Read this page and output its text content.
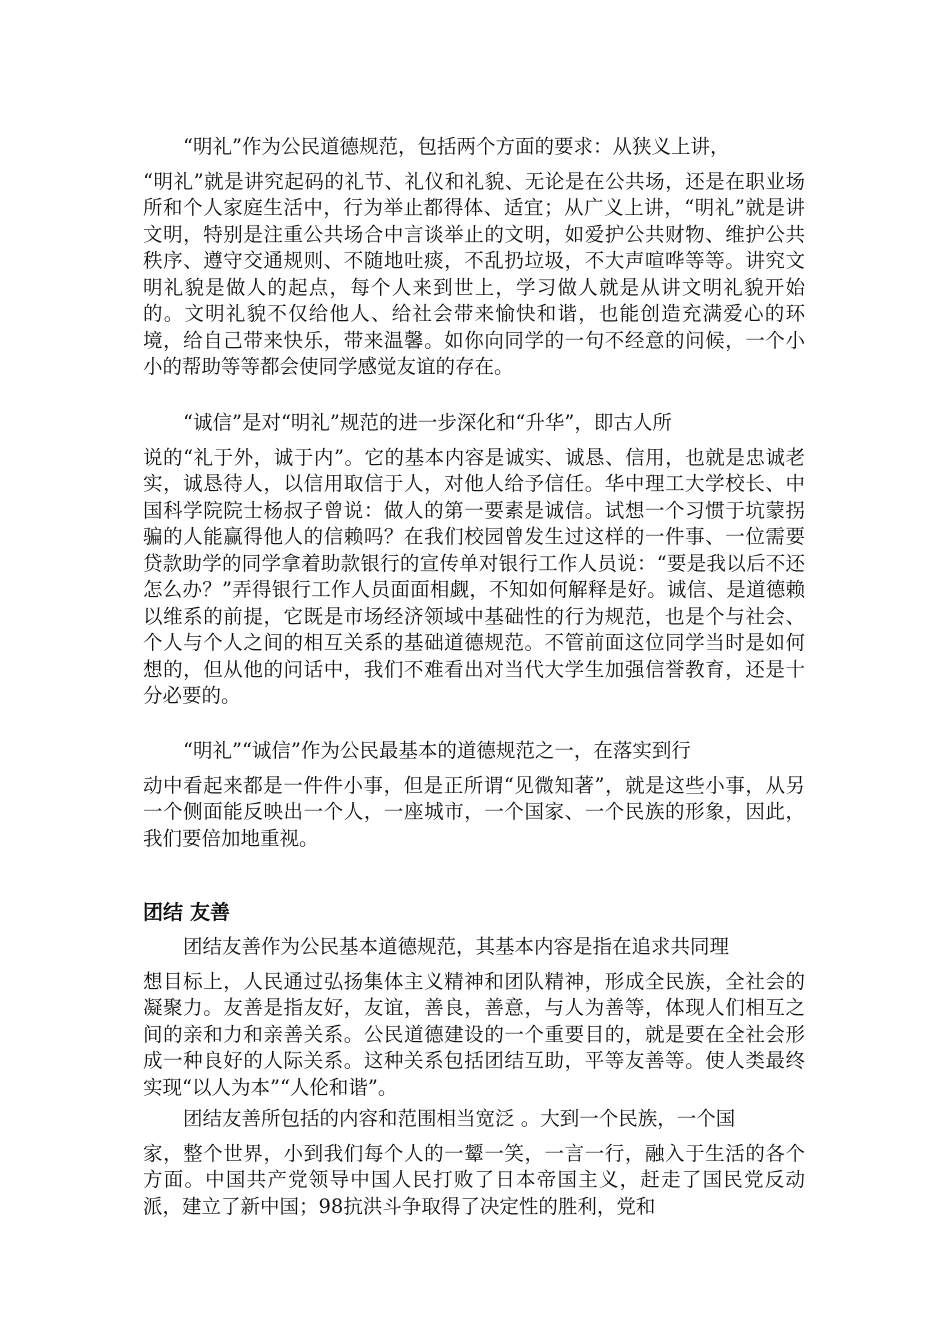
“明礼”作为公民道德规范，包括两个方面的要求：从狭义上讲，
“明礼”就是讲究起码的礼节、礼仪和礼貌、无论是在公共场，还是在职业场所和个人家庭生活中，行为举止都得体、适宜；从广义上讲，“明礼”就是讲文明，特别是注重公共场合中言谈举止的文明，如爱护公共财物、维护公共秩序、遵守交通规则、不随地吐痰，不乱扔垃圾，不大声喧哗等等。讲究文明礼貌是做人的起点，每个人来到世上，学习做人就是从讲文明礼貌开始的。文明礼貌不仅给他人、给社会带来愉快和谐，也能创造充满爱心的环境，给自己带来快乐，带来温馨。如你向同学的一句不经意的问候，一个小小的帮助等等都会使同学感觉友谊的存在。

“诚信”是对“明礼”规范的进一步深化和“升华”，即古人所
说的“礼于外，诚于内”。它的基本内容是诚实、诚恳、信用，也就是忠诚老实，诚恳待人，以信用取信于人，对他人给予信任。华中理工大学校长、中国科学院院士杨叔子曾说：做人的第一要素是诚信。试想一个习惯于坑蒙拐骗的人能赢得他人的信赖吗？在我们校园曾发生过这样的一件事、一位需要贷款助学的同学拿着助款银行的宣传单对银行工作人员说：“要是我以后不还怎么办？”弄得银行工作人员面面相觑，不知如何解释是好。诚信、是道德赖以维系的前提，它既是市场经济领域中基础性的行为规范，也是个与社会、个人与个人之间的相互关系的基础道德规范。不管前面这位同学当时是如何想的，但从他的问话中，我们不难看出对当代大学生加强信誉教育，还是十分必要的。

“明礼”“诚信”作为公民最基本的道德规范之一，在落实到行
动中看起来都是一件件小事，但是正所谓“见微知著”，就是这些小事，从另一个侧面能反映出一个人，一座城市，一个国家、一个民族的形象，因此，我们要倍加地重视。

团结 友善

团结友善作为公民基本道德规范，其基本内容是指在追求共同理
想目标上，人民通过弘扬集体主义精神和团队精神，形成全民族，全社会的凝聚力。友善是指友好，友谊，善良，善意，与人为善等，体现人们相互之间的亲和力和亲善关系。公民道德建设的一个重要目的，就是要在全社会形成一种良好的人际关系。这种关系包括团结互助，平等友善等。使人类最终实现“以人为本”“人伦和谐”。

团结友善所包括的内容和范围相当宽泛 。大到一个民族，一个国
家，整个世界，小到我们每个人的一颦一笑，一言一行，融入于生活的各个方面。中国共产党领导中国人民打败了日本帝国主义，赶走了国民党反动派，建立了新中国；98抗洪斗争取得了决定性的胜利，党和
